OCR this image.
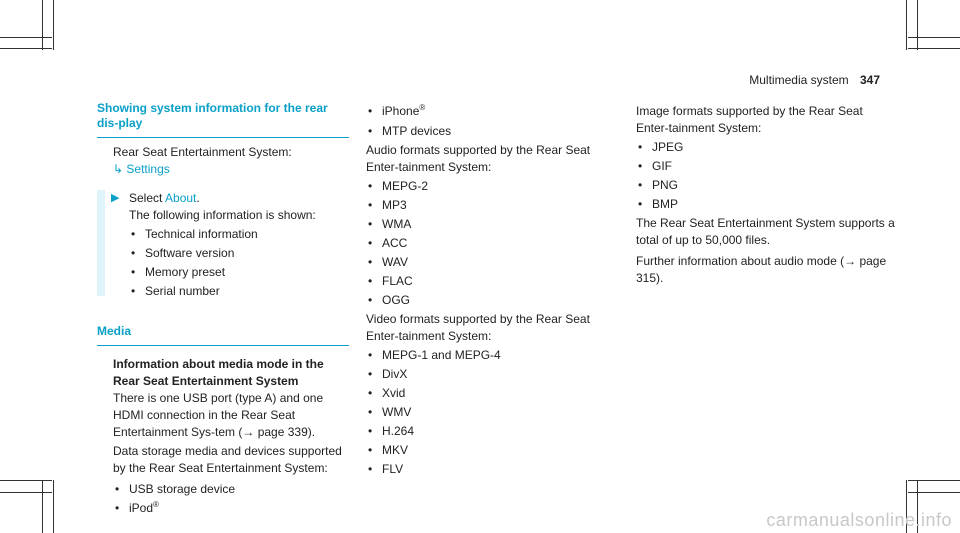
Multimedia system 347
Showing system information for the rear dis‑play

Rear Seat Entertainment System:

↳ Settings

▶ Select About.

The following information is shown:

• Technical information
• Software version
• Memory preset
• Serial number
Media

Information about media mode in the Rear Seat Entertainment System

There is one USB port (type A) and one HDMI connection in the Rear Seat Entertainment Sys‑tem (→ page 339).

Data storage media and devices supported by the Rear Seat Entertainment System:

• USB storage device
• iPod®
• iPhone®
• MTP devices

Audio formats supported by the Rear Seat Enter‑tainment System:

• MEPG-2
• MP3
• WMA
• ACC
• WAV
• FLAC
• OGG

Video formats supported by the Rear Seat Enter‑tainment System:

• MEPG-1 and MEPG-4
• DivX
• Xvid
• WMV
• H.264
• MKV
• FLV

Image formats supported by the Rear Seat Enter‑tainment System:

• JPEG
• GIF
• PNG
• BMP

The Rear Seat Entertainment System supports a total of up to 50,000 files.

Further information about audio mode (→ page 315).

carmanualsonline.info
